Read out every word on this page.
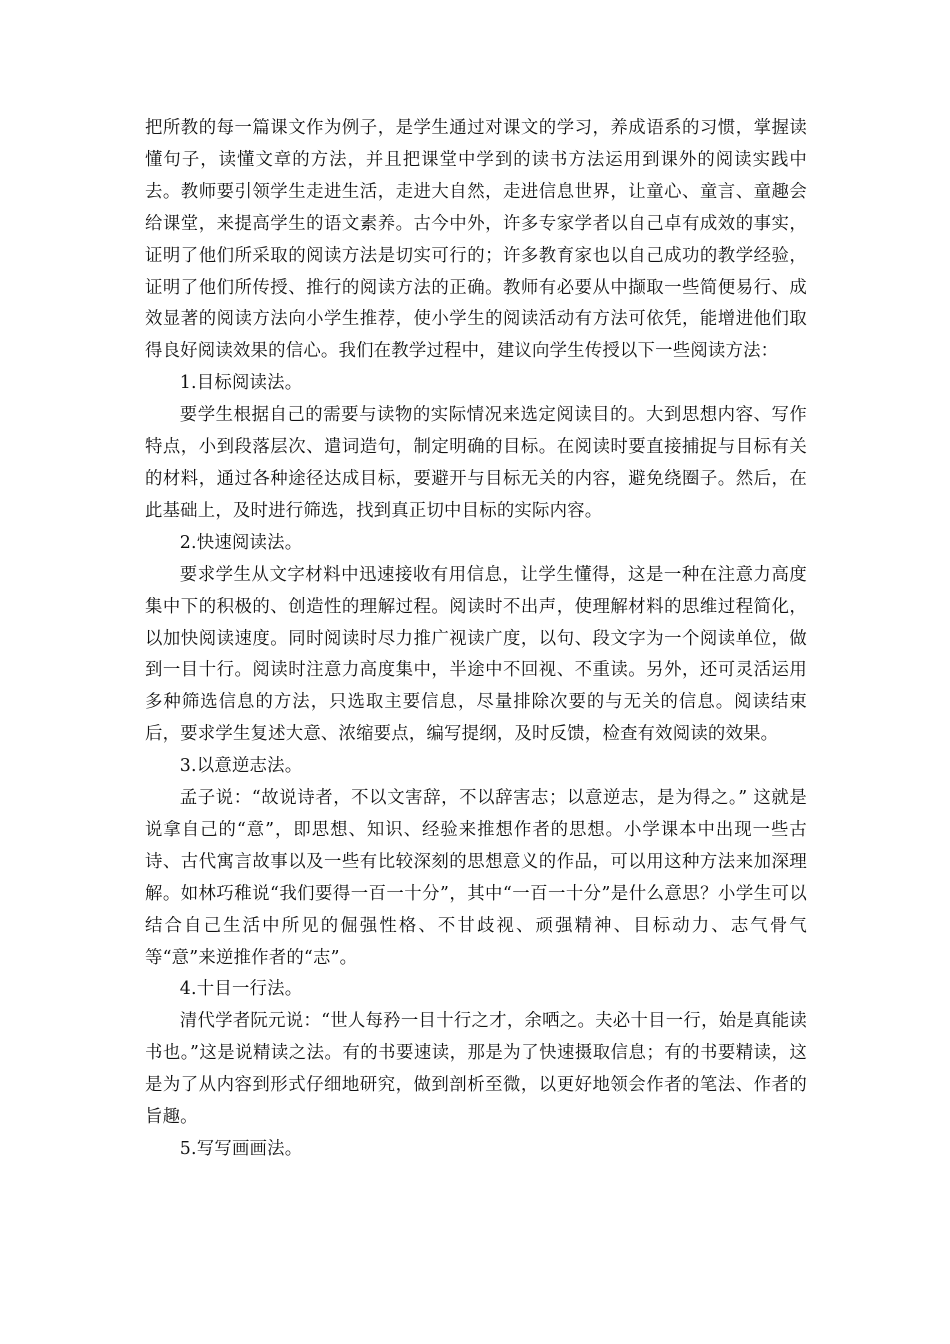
把所教的每一篇课文作为例子，是学生通过对课文的学习，养成语系的习惯，掌握读懂句子，读懂文章的方法，并且把课堂中学到的读书方法运用到课外的阅读实践中去。教师要引领学生走进生活，走进大自然，走进信息世界，让童心、童言、童趣会给课堂，来提高学生的语文素养。古今中外，许多专家学者以自己卓有成效的事实，证明了他们所采取的阅读方法是切实可行的；许多教育家也以自己成功的教学经验，证明了他们所传授、推行的阅读方法的正确。教师有必要从中撷取一些简便易行、成效显著的阅读方法向小学生推荐，使小学生的阅读活动有方法可依凭，能增进他们取得良好阅读效果的信心。我们在教学过程中，建议向学生传授以下一些阅读方法：

1.目标阅读法。

要学生根据自己的需要与读物的实际情况来选定阅读目的。大到思想内容、写作特点，小到段落层次、遣词造句，制定明确的目标。在阅读时要直接捕捉与目标有关的材料，通过各种途径达成目标，要避开与目标无关的内容，避免绕圈子。然后，在此基础上，及时进行筛选，找到真正切中目标的实际内容。

2.快速阅读法。

要求学生从文字材料中迅速接收有用信息，让学生懂得，这是一种在注意力高度集中下的积极的、创造性的理解过程。阅读时不出声，使理解材料的思维过程简化，以加快阅读速度。同时阅读时尽力推广视读广度，以句、段文字为一个阅读单位，做到一目十行。阅读时注意力高度集中，半途中不回视、不重读。另外，还可灵活运用多种筛选信息的方法，只选取主要信息，尽量排除次要的与无关的信息。阅读结束后，要求学生复述大意、浓缩要点，编写提纲，及时反馈，检查有效阅读的效果。

3.以意逆志法。

孟子说：“故说诗者，不以文害辞，不以辞害志；以意逆志，是为得之。” 这就是说拿自己的“意”，即思想、知识、经验来推想作者的思想。小学课本中出现一些古诗、古代寓言故事以及一些有比较深刻的思想意义的作品，可以用这种方法来加深理解。如林巧稚说“我们要得一百一十分”，其中“一百一十分”是什么意思？小学生可以结合自己生活中所见的倔强性格、不甘歧视、顽强精神、目标动力、志气骨气等“意”来逆推作者的“志”。

4.十目一行法。

清代学者阮元说：“世人每矜一目十行之才，余哂之。夫必十目一行，始是真能读书也。”这是说精读之法。有的书要速读，那是为了快速摄取信息；有的书要精读，这是为了从内容到形式仔细地研究，做到剖析至微，以更好地领会作者的笔法、作者的旨趣。

5.写写画画法。
